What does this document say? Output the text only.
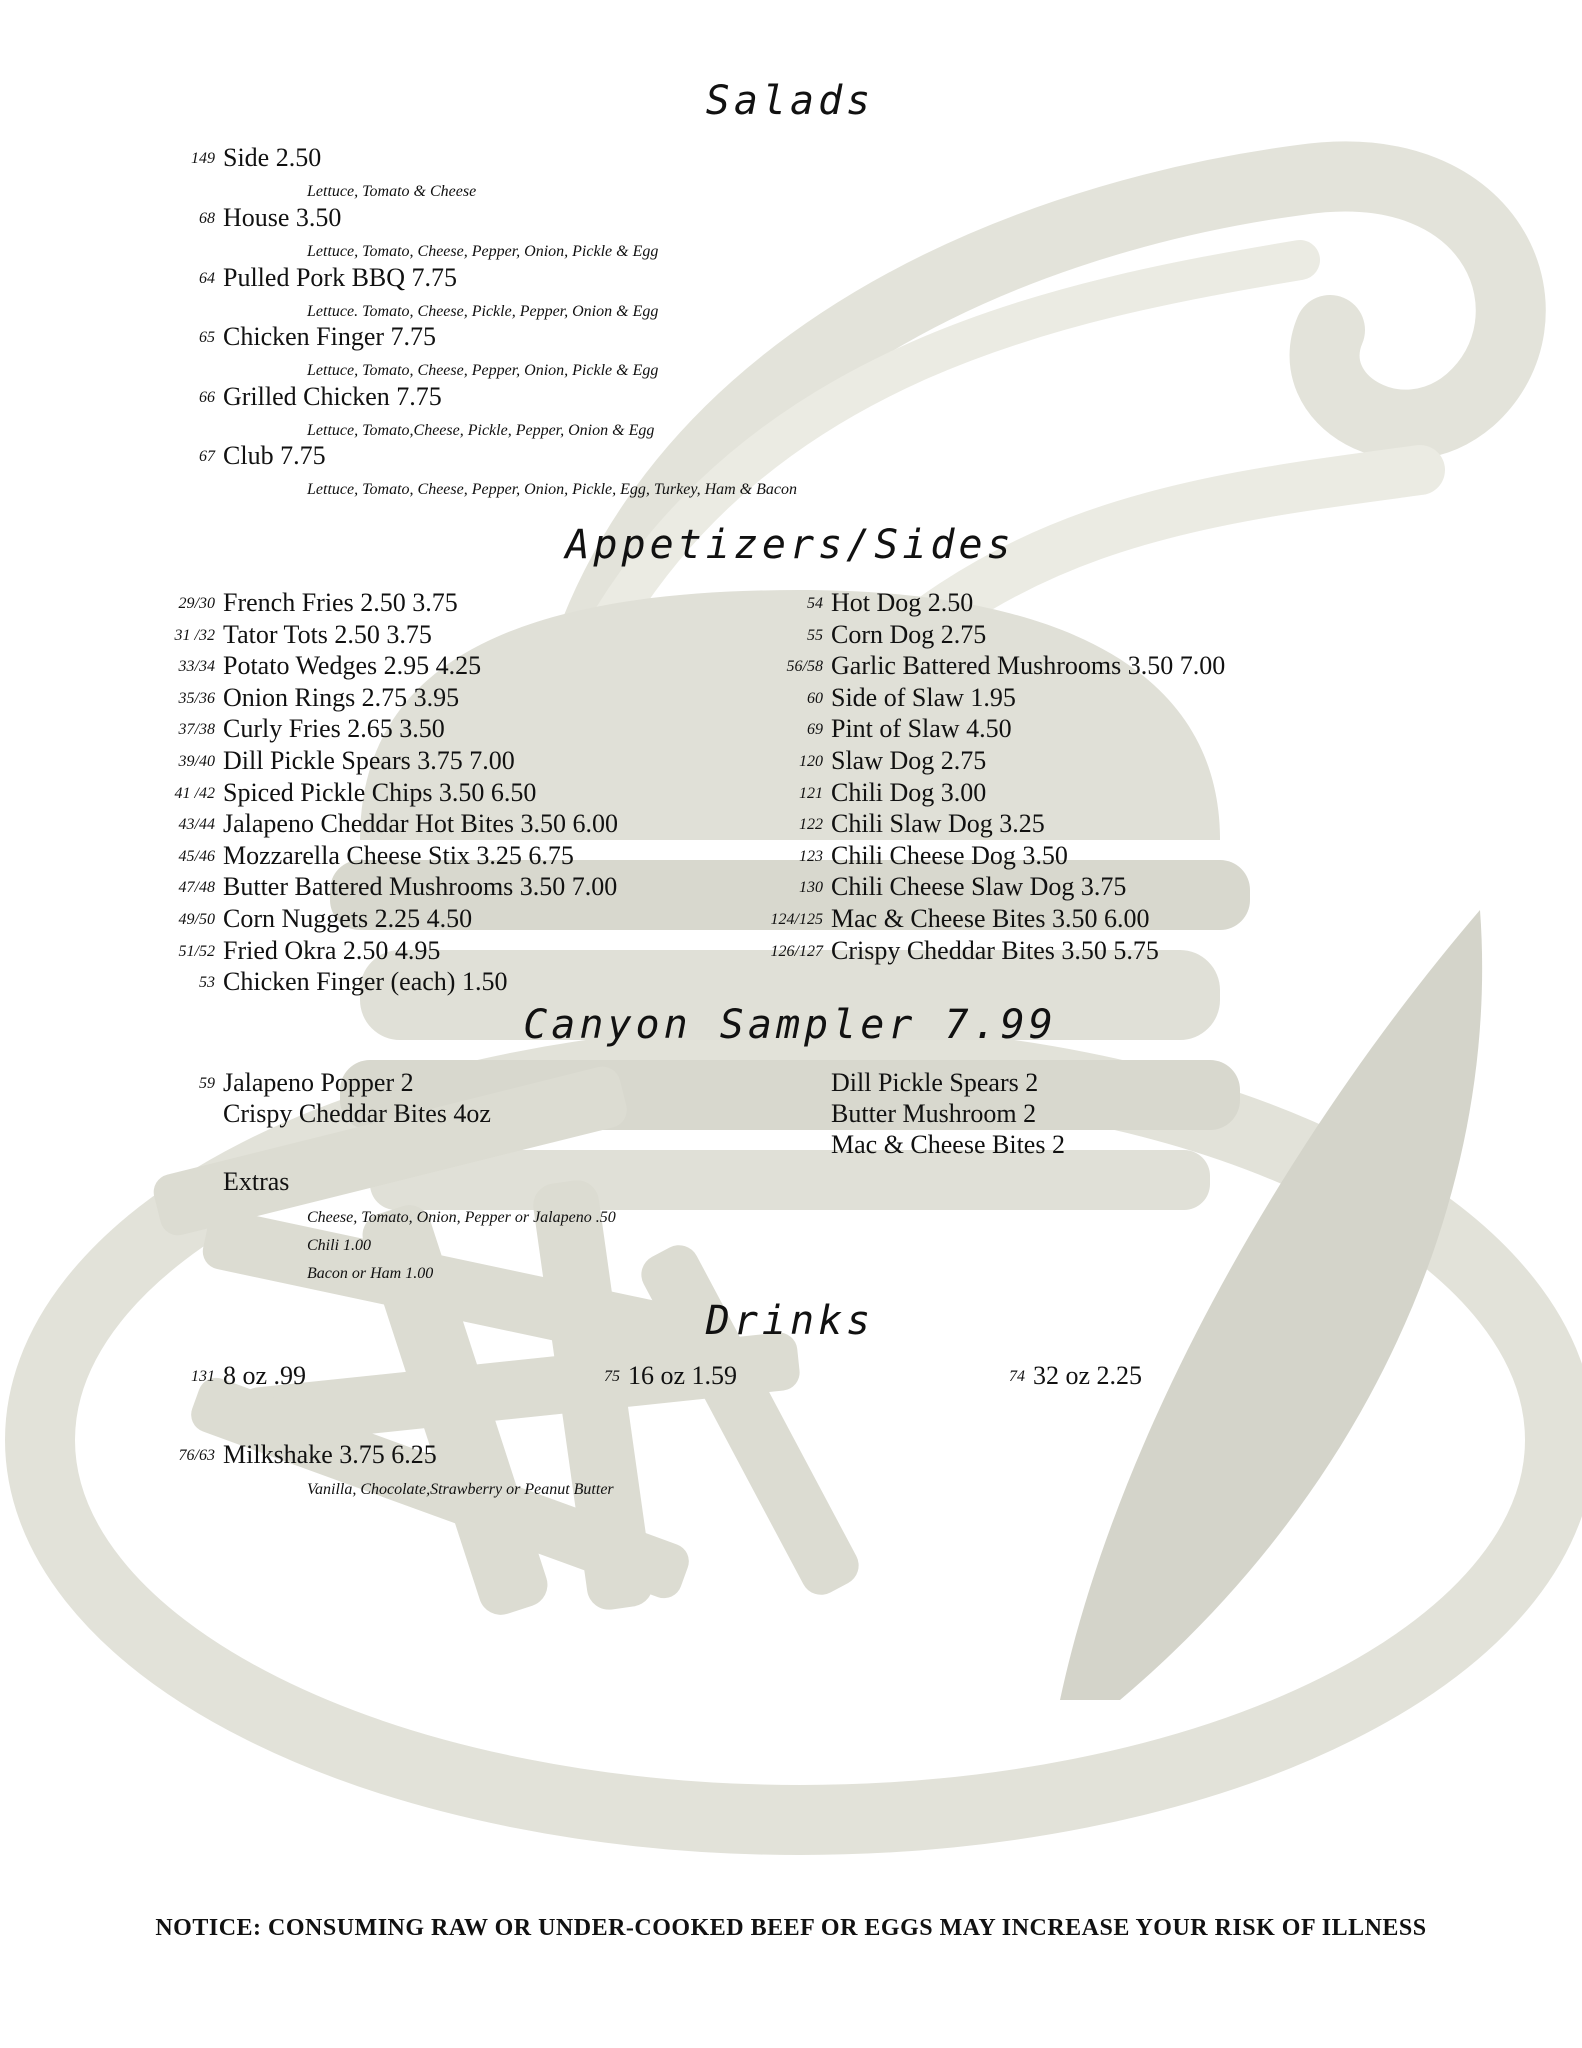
Salads
149 Side 2.50
Lettuce, Tomato & Cheese
68 House 3.50
Lettuce, Tomato, Cheese, Pepper, Onion, Pickle & Egg
64 Pulled Pork BBQ 7.75
Lettuce. Tomato, Cheese, Pickle, Pepper, Onion & Egg
65 Chicken Finger 7.75
Lettuce, Tomato, Cheese, Pepper, Onion, Pickle & Egg
66 Grilled Chicken 7.75
Lettuce, Tomato,Cheese, Pickle, Pepper, Onion & Egg
67 Club 7.75
Lettuce, Tomato, Cheese, Pepper, Onion, Pickle, Egg, Turkey, Ham & Bacon
Appetizers/Sides
29/30 French Fries 2.50 3.75
31 /32 Tator Tots 2.50 3.75
33/34 Potato Wedges 2.95 4.25
35/36 Onion Rings 2.75 3.95
37/38 Curly Fries 2.65 3.50
39/40 Dill Pickle Spears 3.75 7.00
41 /42 Spiced Pickle Chips 3.50 6.50
43/44 Jalapeno Cheddar Hot Bites 3.50 6.00
45/46 Mozzarella Cheese Stix 3.25 6.75
47/48 Butter Battered Mushrooms 3.50 7.00
49/50 Corn Nuggets 2.25 4.50
51/52 Fried Okra 2.50 4.95
53 Chicken Finger (each) 1.50
54 Hot Dog 2.50
55 Corn Dog 2.75
56/58 Garlic Battered Mushrooms 3.50 7.00
60 Side of Slaw 1.95
69 Pint of Slaw 4.50
120 Slaw Dog 2.75
121 Chili Dog 3.00
122 Chili Slaw Dog 3.25
123 Chili Cheese Dog 3.50
130 Chili Cheese Slaw Dog 3.75
124/125 Mac & Cheese Bites 3.50 6.00
126/127 Crispy Cheddar Bites 3.50 5.75
Canyon Sampler 7.99
59 Jalapeno Popper 2
Crispy Cheddar Bites 4oz
Dill Pickle Spears 2
Butter Mushroom 2
Mac & Cheese Bites 2
Extras
Cheese, Tomato, Onion, Pepper or Jalapeno .50
Chili 1.00
Bacon or Ham 1.00
Drinks
131 8 oz .99	75 16 oz 1.59	74 32 oz 2.25
76/63 Milkshake 3.75 6.25
Vanilla, Chocolate,Strawberry or Peanut Butter
NOTICE: CONSUMING RAW OR UNDER-COOKED BEEF OR EGGS MAY INCREASE YOUR RISK OF ILLNESS
